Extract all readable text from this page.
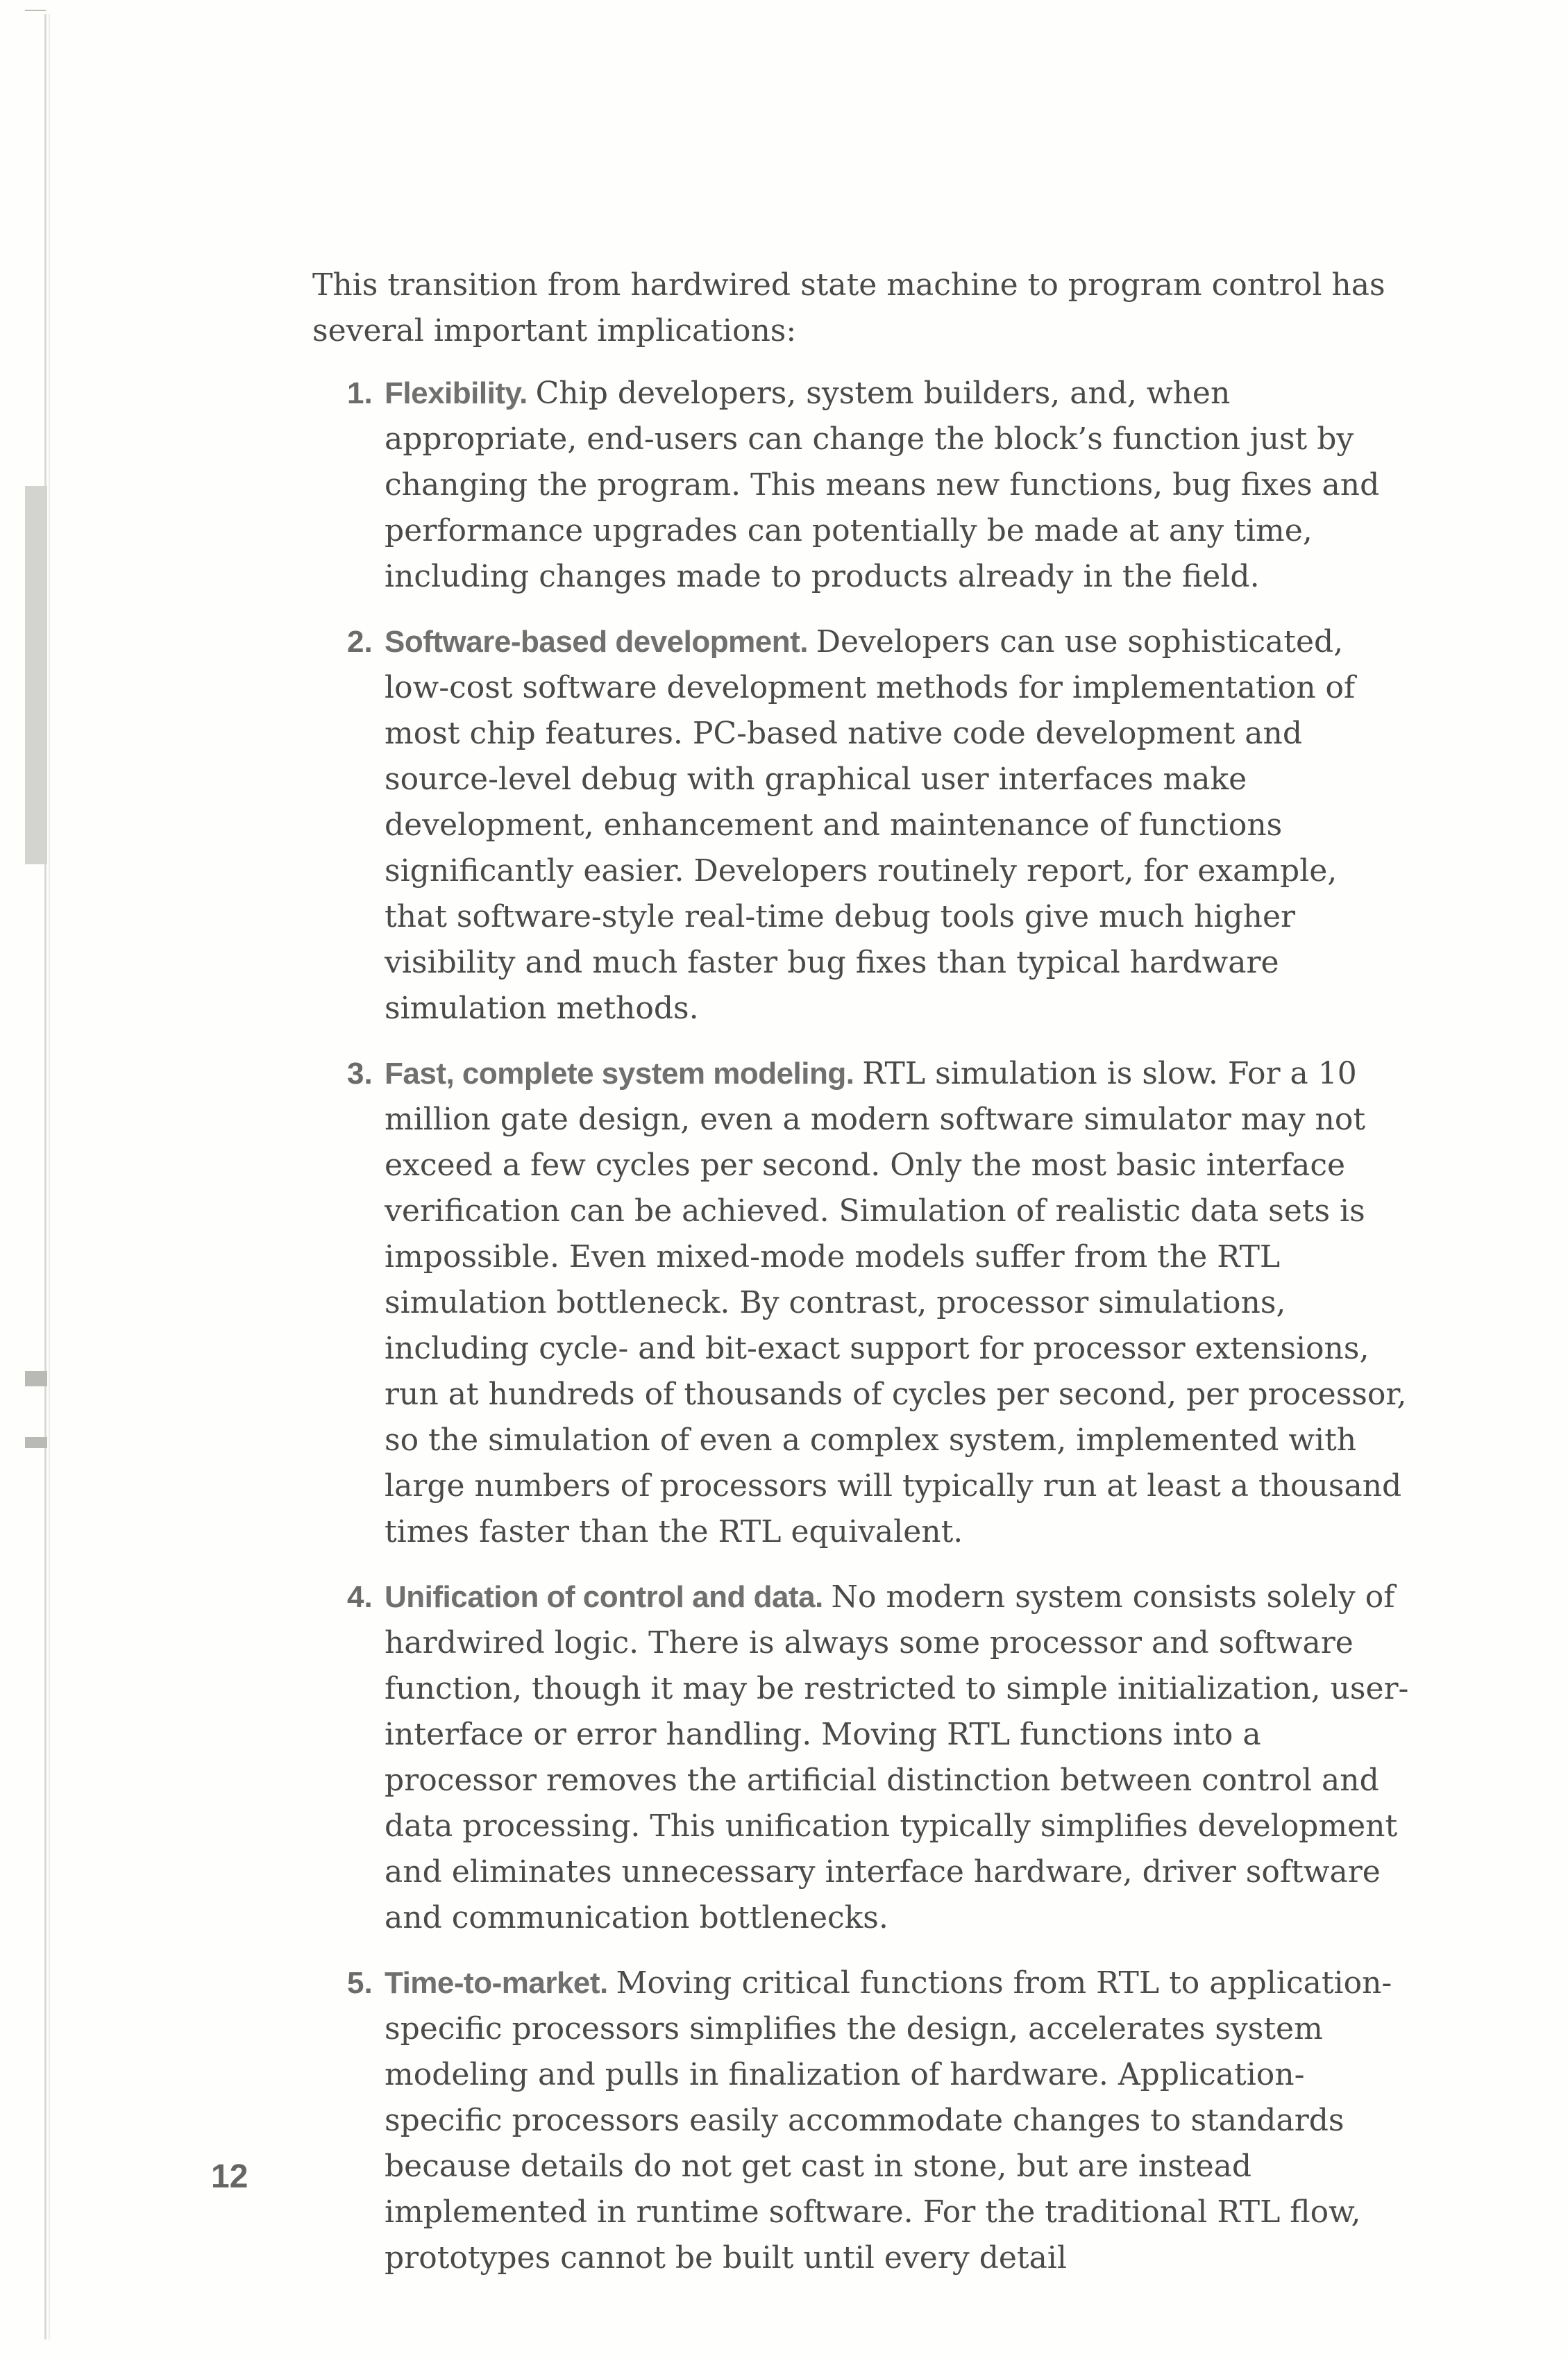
This transition from hardwired state machine to program control has several important implications:

1. Flexibility. Chip developers, system builders, and, when appropriate, end-users can change the block’s function just by changing the program. This means new functions, bug fixes and performance upgrades can potentially be made at any time, including changes made to products already in the field.
2. Software-based development. Developers can use sophisticated, low-cost software development methods for implementation of most chip features. PC-based native code development and source-level debug with graphical user interfaces make development, enhancement and maintenance of functions significantly easier. Developers routinely report, for example, that software-style real-time debug tools give much higher visibility and much faster bug fixes than typical hardware simulation methods.
3. Fast, complete system modeling. RTL simulation is slow. For a 10 million gate design, even a modern software simulator may not exceed a few cycles per second. Only the most basic interface verification can be achieved. Simulation of realistic data sets is impossible. Even mixed-mode models suffer from the RTL simulation bottleneck. By contrast, processor simulations, including cycle- and bit-exact support for processor extensions, run at hundreds of thousands of cycles per second, per processor, so the simulation of even a complex system, implemented with large numbers of processors will typically run at least a thousand times faster than the RTL equivalent.
4. Unification of control and data. No modern system consists solely of hardwired logic. There is always some processor and software function, though it may be restricted to simple initialization, user-interface or error handling. Moving RTL functions into a processor removes the artificial distinction between control and data processing. This unification typically simplifies development and eliminates unnecessary interface hardware, driver software and communication bottlenecks.
5. Time-to-market. Moving critical functions from RTL to application-specific processors simplifies the design, accelerates system modeling and pulls in finalization of hardware. Application-specific processors easily accommodate changes to standards because details do not get cast in stone, but are instead implemented in runtime software. For the traditional RTL flow, prototypes cannot be built until every detail
12
